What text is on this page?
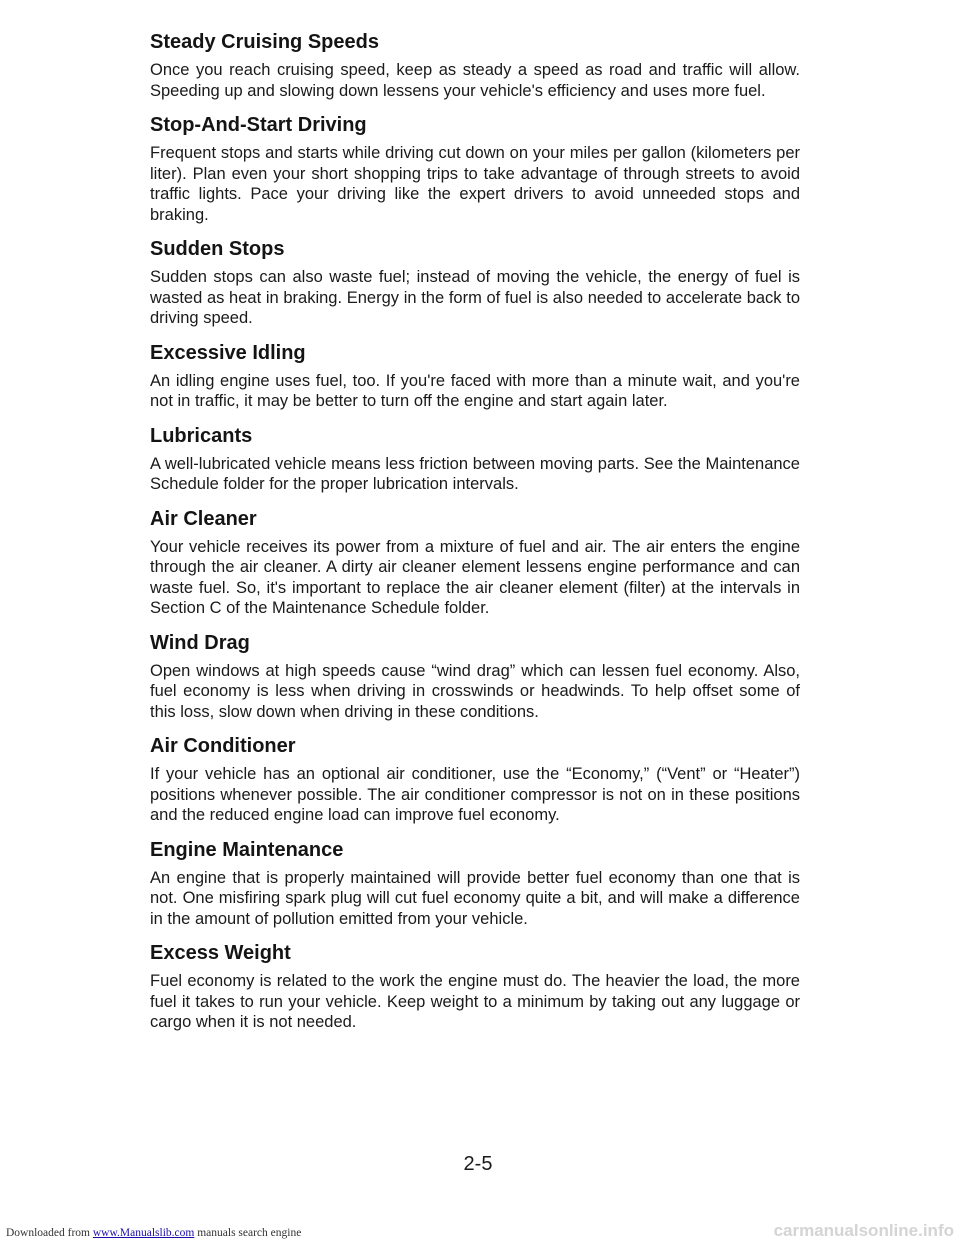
Steady Cruising Speeds

Once you reach cruising speed, keep as steady a speed as road and traffic will allow. Speeding up and slowing down lessens your vehicle's efficiency and uses more fuel.

Stop-And-Start Driving

Frequent stops and starts while driving cut down on your miles per gallon (kilometers per liter). Plan even your short shopping trips to take advantage of through streets to avoid traffic lights. Pace your driving like the expert drivers to avoid unneeded stops and braking.

Sudden Stops

Sudden stops can also waste fuel; instead of moving the vehicle, the energy of fuel is wasted as heat in braking. Energy in the form of fuel is also needed to accelerate back to driving speed.

Excessive Idling

An idling engine uses fuel, too. If you're faced with more than a minute wait, and you're not in traffic, it may be better to turn off the engine and start again later.

Lubricants

A well-lubricated vehicle means less friction between moving parts. See the Maintenance Schedule folder for the proper lubrication intervals.

Air Cleaner

Your vehicle receives its power from a mixture of fuel and air. The air enters the engine through the air cleaner. A dirty air cleaner element lessens engine performance and can waste fuel. So, it's important to replace the air cleaner element (filter) at the intervals in Section C of the Maintenance Schedule folder.

Wind Drag

Open windows at high speeds cause “wind drag” which can lessen fuel economy. Also, fuel economy is less when driving in crosswinds or headwinds. To help offset some of this loss, slow down when driving in these conditions.

Air Conditioner

If your vehicle has an optional air conditioner, use the “Economy,” (“Vent” or “Heater”) positions whenever possible. The air conditioner compressor is not on in these positions and the reduced engine load can improve fuel economy.

Engine Maintenance

An engine that is properly maintained will provide better fuel economy than one that is not. One misfiring spark plug will cut fuel economy quite a bit, and will make a difference in the amount of pollution emitted from your vehicle.

Excess Weight

Fuel economy is related to the work the engine must do. The heavier the load, the more fuel it takes to run your vehicle. Keep weight to a minimum by taking out any luggage or cargo when it is not needed.

2-5
Downloaded from www.Manualslib.com manuals search engine	carmanualsonline.info
